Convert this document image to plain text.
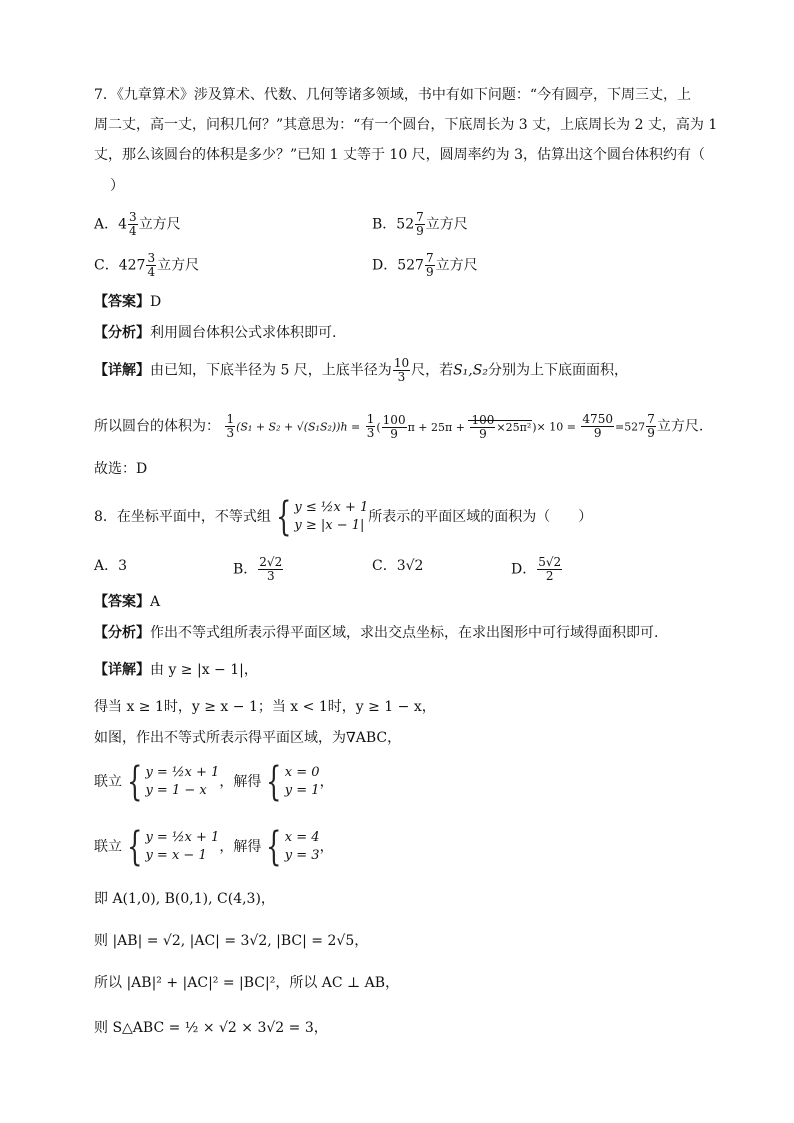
7．《九章算术》涉及算术、代数、几何等诸多领域，书中有如下问题：“今有圆亭，下周三丈，上
周二丈，高一丈，问积几何？”其意思为：“有一个圆台，下底周长为 3 丈，上底周长为 2 丈，高为 1
丈，那么该圆台的体积是多少？”已知 1 丈等于 10 尺，圆周率约为 3，估算出这个圆台体积约有（
）
A．$4 \frac{3}{4}$ 立方尺	B．$52 \frac{7}{9}$ 立方尺
C．$427 \frac{3}{4}$ 立方尺	D．$527 \frac{7}{9}$ 立方尺
【答案】D
【分析】利用圆台体积公式求体积即可.
【详解】由已知，下底半径为 5 尺，上底半径为 $\frac{10}{3}$ 尺，若S₁,S₂分别为上下底面面积，
所以圆台的体积为： $\frac{1}{3} (S_1 + S_2 + √(S_1S_2))h = \frac{1}{3}$ ( $\frac{100}{9}$ $\pi + 25\pi + \frac{100}{9} \times 25\pi^2)\times 10 = \frac{4750}{9} =527 \frac{7}{9}$ 立方尺.
故选：D
8．在坐标平面中，不等式组 { y ≤ ½x + 1
y ≥ |x − 1|
所表示的平面区域的面积为（　　）
A．3	B． $\frac{2√2}{3}$	C．3√2	D． $\frac{5√2}{2}$
【答案】A
【分析】作出不等式组所表示得平面区域，求出交点坐标，在求出图形中可行域得面积即可.
【详解】由 y ≥ |x − 1|，
得当 x ≥ 1时，y ≥ x − 1；当 x < 1时，y ≥ 1 − x，
如图，作出不等式所表示得平面区域，为∇ABC，
联立 { y = ½x + 1
y = 1 − x
，解得 { x = 0
y = 1
，
联立 { y = ½x + 1
y = x − 1
，解得 { x = 4
y = 3
，
即 A(1,0), B(0,1), C(4,3)，
则 |AB| = √2, |AC| = 3√2, |BC| = 2√5，
所以 |AB|² + |AC|² = |BC|²，所以 AC ⊥ AB，
则 S△ABC = ½ × √2 × 3√2 = 3，
